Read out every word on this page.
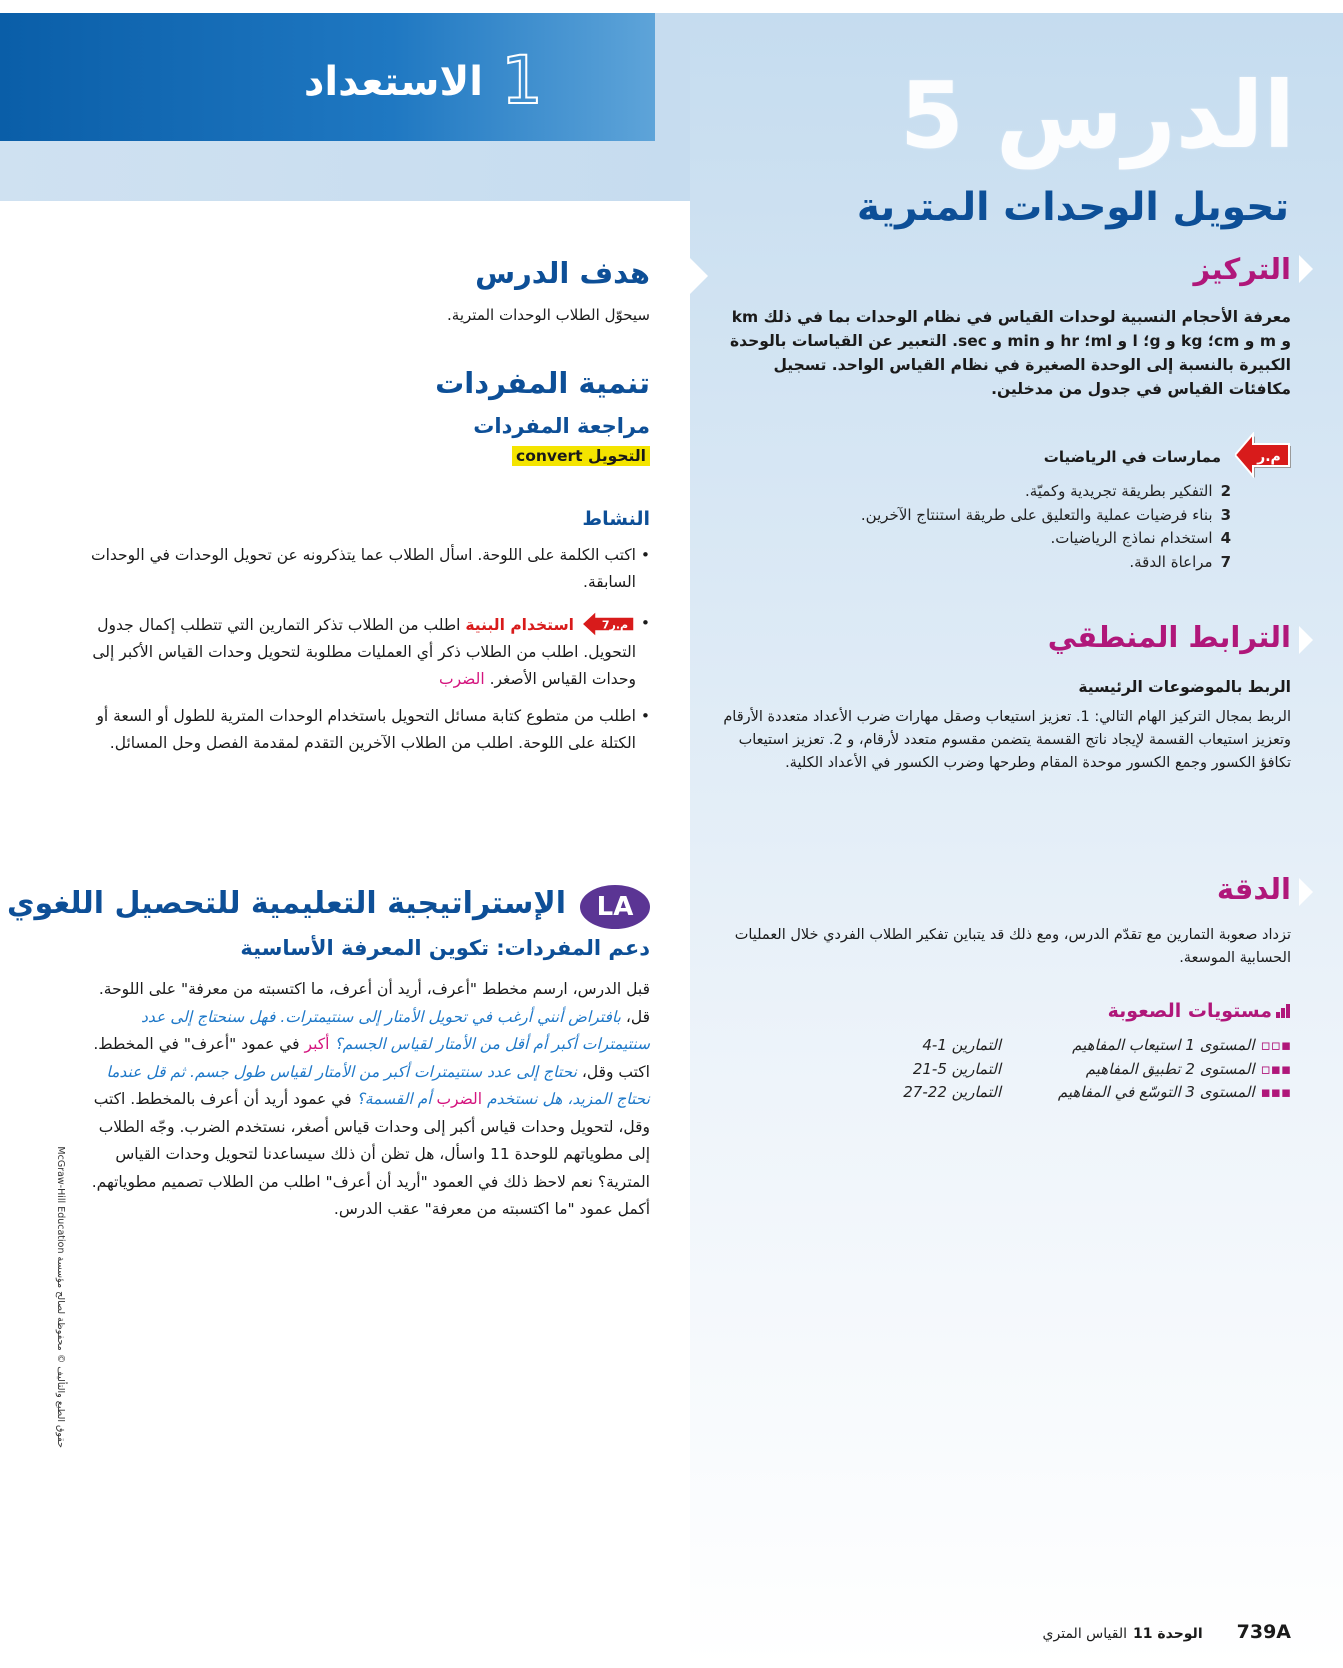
1الاستعداد	الدرس 5
تحويل الوحدات المترية
التركيز
معرفة الأحجام النسبية لوحدات القياس في نظام الوحدات بما في ذلك km و m و cm؛ kg و g؛ l و ml؛ hr و min و sec. التعبير عن القياسات بالوحدة الكبيرة بالنسبة إلى الوحدة الصغيرة في نظام القياس الواحد. تسجيل مكافئات القياس في جدول من مدخلين.
م.ر
ممارسات في الرياضيات
2التفكير بطريقة تجريدية وكميّة.
3بناء فرضيات عملية والتعليق على طريقة استنتاج الآخرين.
4استخدام نماذج الرياضيات.
7مراعاة الدقة.
الترابط المنطقي
الربط بالموضوعات الرئيسية
الربط بمجال التركيز الهام التالي: 1. تعزيز استيعاب وصقل مهارات ضرب الأعداد متعددة الأرقام وتعزيز استيعاب القسمة لإيجاد ناتج القسمة يتضمن مقسوم متعدد لأرقام، و 2. تعزيز استيعاب تكافؤ الكسور وجمع الكسور موحدة المقام وطرحها وضرب الكسور في الأعداد الكلية.
الدقة
تزداد صعوبة التمارين مع تقدّم الدرس، ومع ذلك قد يتباين تفكير الطلاب الفردي خلال العمليات الحسابية الموسعة.
مستويات الصعوبة
▪▫▫المستوى 1 استيعاب المفاهيم
التمارين 1-4
▪▪▫المستوى 2 تطبيق المفاهيم
التمارين 5-21
▪▪▪المستوى 3 التوسّع في المفاهيم
التمارين 22-27
هدف الدرس
سيحوّل الطلاب الوحدات المترية.
تنمية المفردات
مراجعة المفردات
التحويل convert
النشاط
• اكتب الكلمة على اللوحة. اسأل الطلاب عما يتذكرونه عن تحويل الوحدات في الوحدات السابقة.
• م.ر7
استخدام البنية اطلب من الطلاب تذكر التمارين التي تتطلب إكمال جدول التحويل. اطلب من الطلاب ذكر أي العمليات مطلوبة لتحويل وحدات القياس الأكبر إلى وحدات القياس الأصغر. الضرب
• اطلب من متطوع كتابة مسائل التحويل باستخدام الوحدات المترية للطول أو السعة أو الكتلة على اللوحة. اطلب من الطلاب الآخرين التقدم لمقدمة الفصل وحل المسائل.
LA
الإستراتيجية التعليمية للتحصيل اللغوي
دعم المفردات: تكوين المعرفة الأساسية
قبل الدرس، ارسم مخطط "أعرف، أريد أن أعرف، ما اكتسبته من معرفة" على اللوحة. قل، بافتراض أنني أرغب في تحويل الأمتار إلى سنتيمترات. فهل سنحتاج إلى عدد سنتيمترات أكبر أم أقل من الأمتار لقياس الجسم؟ أكبر في عمود "أعرف" في المخطط. اكتب وقل، نحتاج إلى عدد سنتيمترات أكبر من الأمتار لقياس طول جسم. ثم قل عندما نحتاج المزيد، هل نستخدم الضرب أم القسمة؟ في عمود أريد أن أعرف بالمخطط. اكتب وقل، لتحويل وحدات قياس أكبر إلى وحدات قياس أصغر، نستخدم الضرب. وجّه الطلاب إلى مطوياتهم للوحدة 11 واسأل، هل تظن أن ذلك سيساعدنا لتحويل وحدات القياس المترية؟ نعم لاحظ ذلك في العمود "أريد أن أعرف" اطلب من الطلاب تصميم مطوياتهم. أكمل عمود "ما اكتسبته من معرفة" عقب الدرس.
حقوق الطبع والتأليف © محفوظة لصالح مؤسسة McGraw-Hill Education
739Aالوحدة 11القياس المتري
